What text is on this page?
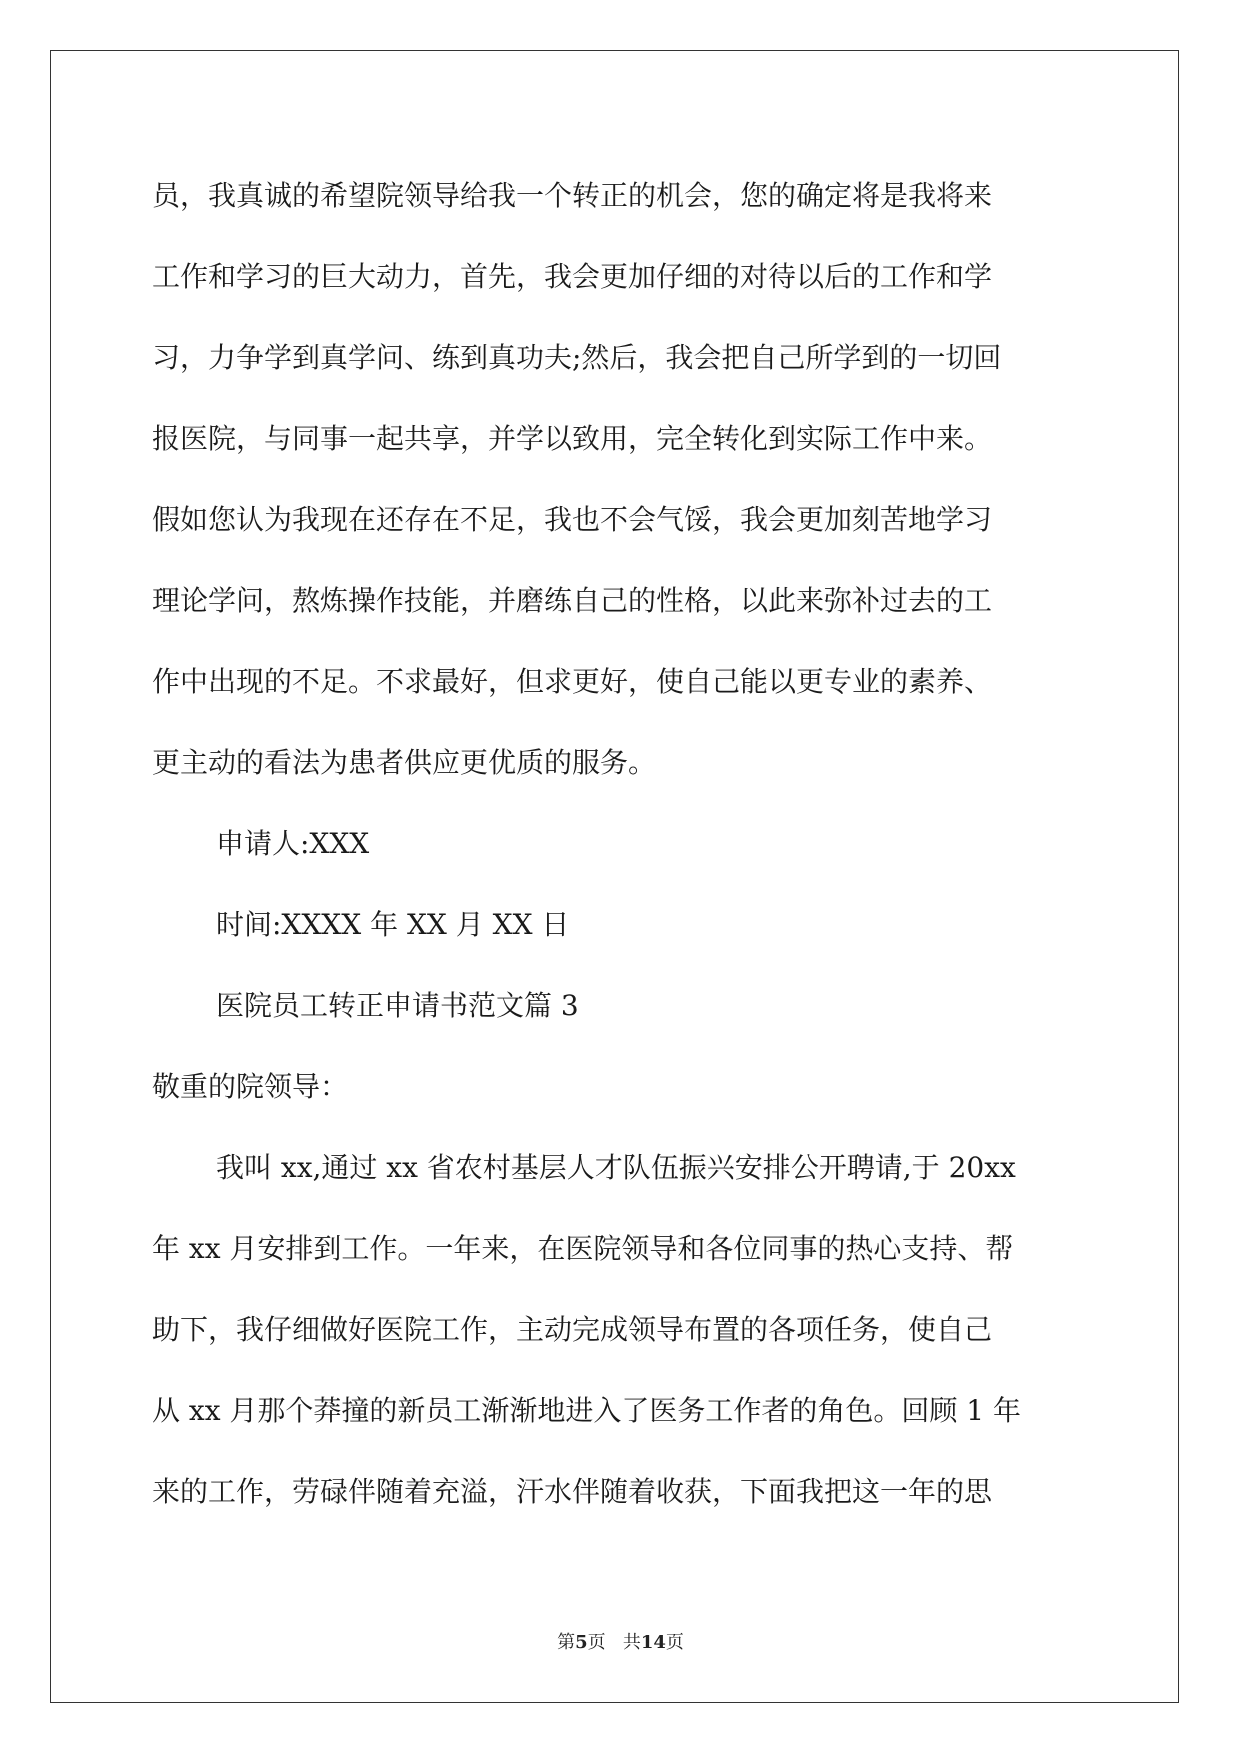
员，我真诚的希望院领导给我一个转正的机会，您的确定将是我将来
工作和学习的巨大动力，首先，我会更加仔细的对待以后的工作和学
习，力争学到真学问、练到真功夫;然后，我会把自己所学到的一切回
报医院，与同事一起共享，并学以致用，完全转化到实际工作中来。
假如您认为我现在还存在不足，我也不会气馁，我会更加刻苦地学习
理论学问，熬炼操作技能，并磨练自己的性格，以此来弥补过去的工
作中出现的不足。不求最好，但求更好，使自己能以更专业的素养、
更主动的看法为患者供应更优质的服务。
申请人:XXX
时间:XXXX 年 XX 月 XX 日
医院员工转正申请书范文篇 3
敬重的院领导：
我叫 xx,通过 xx 省农村基层人才队伍振兴安排公开聘请,于 20xx
年 xx 月安排到工作。一年来，在医院领导和各位同事的热心支持、帮
助下，我仔细做好医院工作，主动完成领导布置的各项任务，使自己
从 xx 月那个莽撞的新员工渐渐地进入了医务工作者的角色。回顾 1 年
来的工作，劳碌伴随着充溢，汗水伴随着收获，下面我把这一年的思
第5页 共14页
